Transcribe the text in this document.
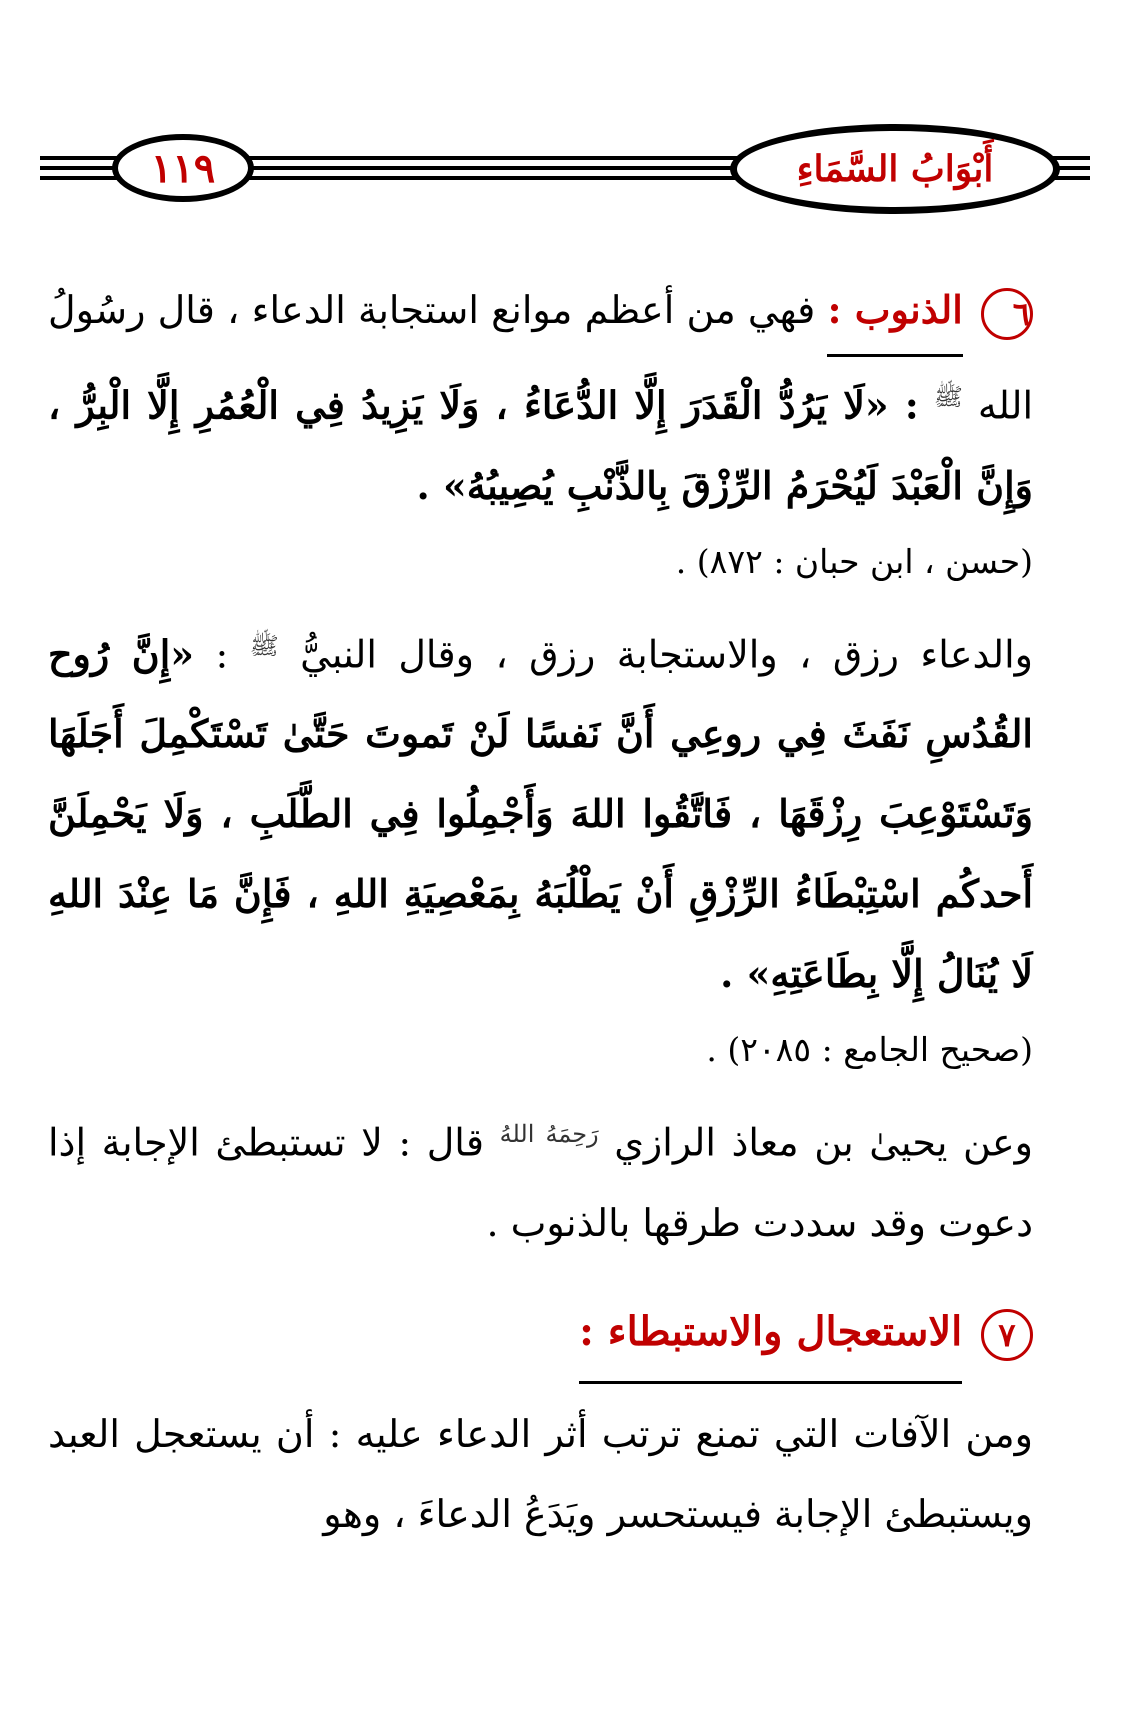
١١٩	أَبْوَابُ السَّمَاءِ

٦ الذنوب : فهي من أعظم موانع استجابة الدعاء ، قال رسُولُ الله $^ﷺ$ : «لَا يَرُدُّ الْقَدَرَ إِلَّا الدُّعَاءُ ، وَلَا يَزِيدُ فِي الْعُمُرِ إِلَّا الْبِرُّ ، وَإِنَّ الْعَبْدَ لَيُحْرَمُ الرِّزْقَ بِالذَّنْبِ يُصِيبُهُ» .

(حسن ، ابن حبان : ٨٧٢) .

والدعاء رزق ، والاستجابة رزق ، وقال النبيُّ $^ﷺ$ : «إِنَّ رُوح القُدُسِ نَفَثَ فِي روعِي أَنَّ نَفسًا لَنْ تَموتَ حَتَّىٰ تَسْتَكْمِلَ أَجَلَهَا وَتَسْتَوْعِبَ رِزْقَهَا ، فَاتَّقُوا اللهَ وَأَجْمِلُوا فِي الطَّلَبِ ، وَلَا يَحْمِلَنَّ أَحدكُم اسْتِبْطَاءُ الرِّزْقِ أَنْ يَطْلُبَهُ بِمَعْصِيَةِ اللهِ ، فَإِنَّ مَا عِنْدَ اللهِ لَا يُنَالُ إِلَّا بِطَاعَتِهِ» .

(صحيح الجامع : ٢٠٨٥) .

وعن يحيىٰ بن معاذ الرازي $^{رَحِمَهُ اللهُ}$ قال : لا تستبطئ الإجابة إذا دعوت وقد سددت طرقها بالذنوب .

٧ الاستعجال والاستبطاء :

ومن الآفات التي تمنع ترتب أثر الدعاء عليه : أن يستعجل العبد ويستبطئ الإجابة فيستحسر ويَدَعُ الدعاءَ ، وهو
